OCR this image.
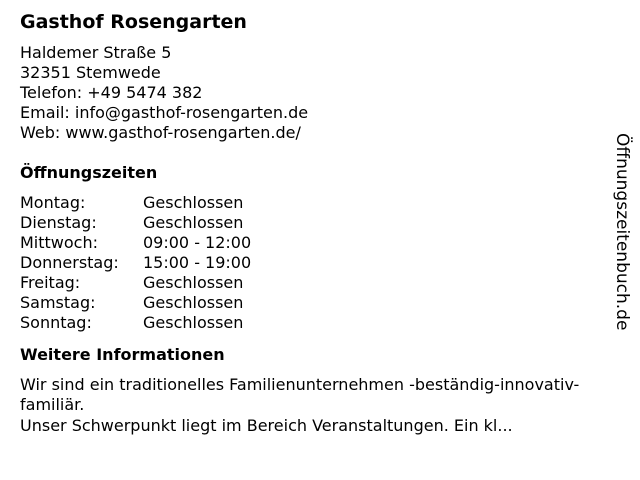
Gasthof Rosengarten
Haldemer Straße 5
32351 Stemwede
Telefon: +49 5474 382
Email: info@gasthof-rosengarten.de
Web: www.gasthof-rosengarten.de/
Öffnungszeiten
Montag:	Geschlossen
Dienstag:	Geschlossen
Mittwoch:	09:00 - 12:00
Donnerstag:	15:00 - 19:00
Freitag:	Geschlossen
Samstag:	Geschlossen
Sonntag:	Geschlossen
Weitere Informationen
Wir sind ein traditionelles Familienunternehmen -beständig-innovativ-familiär.
Unser Schwerpunkt liegt im Bereich Veranstaltungen. Ein kl...
Öffnungszeitenbuch.de
